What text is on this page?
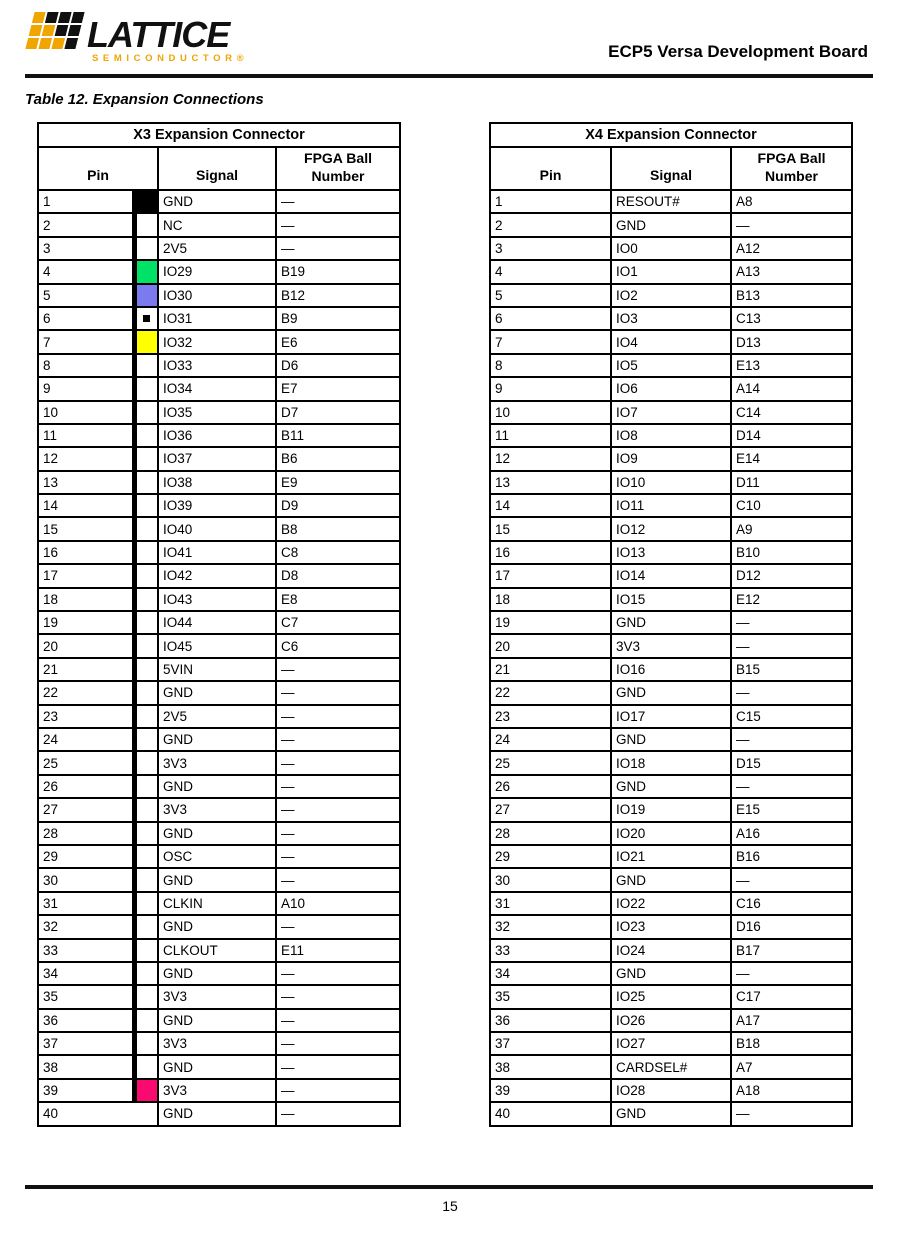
LATTICE
SEMICONDUCTOR®	ECP5 Versa Development Board
Table 12. Expansion Connections
X3 Expansion Connector			
Pin		Signal	FPGA Ball Number
1		GND	—
2		NC	—
3		2V5	—
4		IO29	B19
5		IO30	B12
6		IO31	B9
7		IO32	E6
8		IO33	D6
9		IO34	E7
10		IO35	D7
11		IO36	B11
12		IO37	B6
13		IO38	E9
14		IO39	D9
15		IO40	B8
16		IO41	C8
17		IO42	D8
18		IO43	E8
19		IO44	C7
20		IO45	C6
21		5VIN	—
22		GND	—
23		2V5	—
24		GND	—
25		3V3	—
26		GND	—
27		3V3	—
28		GND	—
29		OSC	—
30		GND	—
31		CLKIN	A10
32		GND	—
33		CLKOUT	E11
34		GND	—
35		3V3	—
36		GND	—
37		3V3	—
38		GND	—
39		3V3	—
40		GND	—
X4 Expansion Connector		
Pin	Signal	FPGA Ball Number
1	RESOUT#	A8
2	GND	—
3	IO0	A12
4	IO1	A13
5	IO2	B13
6	IO3	C13
7	IO4	D13
8	IO5	E13
9	IO6	A14
10	IO7	C14
11	IO8	D14
12	IO9	E14
13	IO10	D11
14	IO11	C10
15	IO12	A9
16	IO13	B10
17	IO14	D12
18	IO15	E12
19	GND	—
20	3V3	—
21	IO16	B15
22	GND	—
23	IO17	C15
24	GND	—
25	IO18	D15
26	GND	—
27	IO19	E15
28	IO20	A16
29	IO21	B16
30	GND	—
31	IO22	C16
32	IO23	D16
33	IO24	B17
34	GND	—
35	IO25	C17
36	IO26	A17
37	IO27	B18
38	CARDSEL#	A7
39	IO28	A18
40	GND	—
15
